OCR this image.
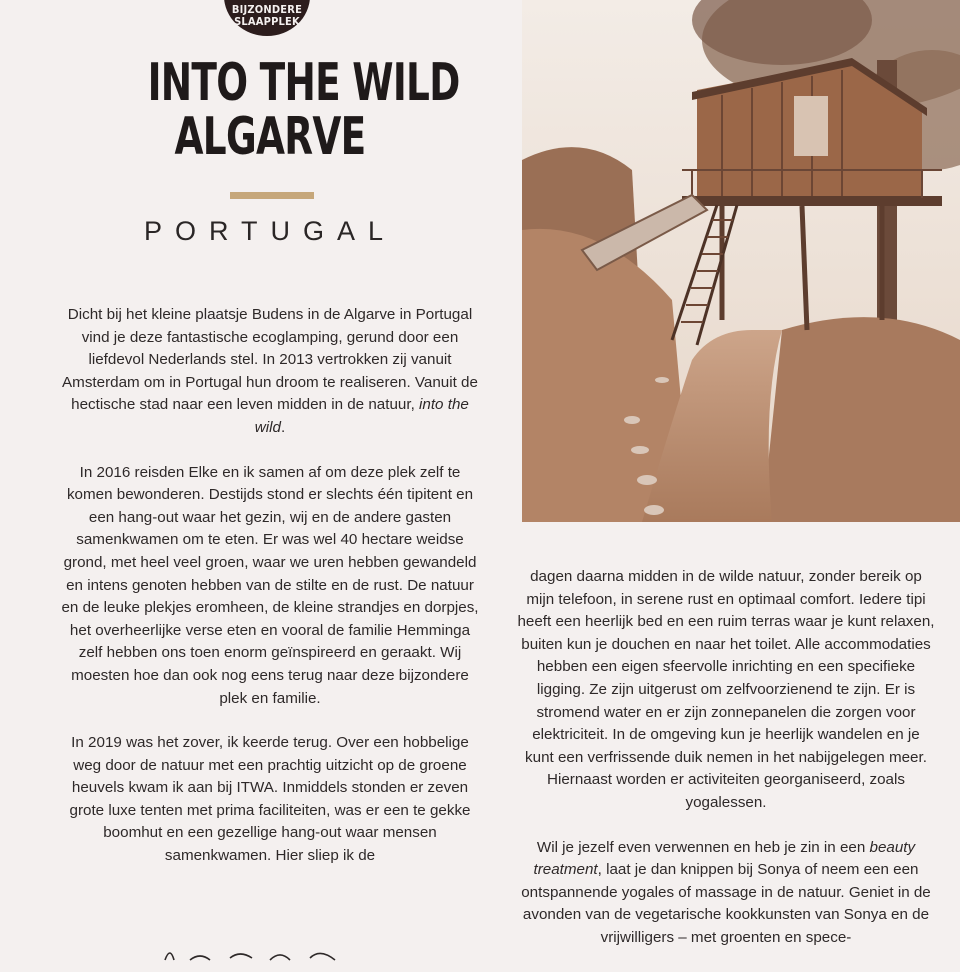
BIJZONDERE
SLAAPPLEK
INTO THE WILD
ALGARVE
PORTUGAL

Dicht bij het kleine plaatsje Budens in de Algarve in Portugal vind je deze fantastische ecoglamping, gerund door een liefdevol Nederlands stel. In 2013 vertrokken zij vanuit Amsterdam om in Portugal hun droom te realiseren. Vanuit de hectische stad naar een leven midden in de natuur, into the wild.

In 2016 reisden Elke en ik samen af om deze plek zelf te komen bewonderen. Destijds stond er slechts één tipitent en een hang-out waar het gezin, wij en de andere gasten samenkwamen om te eten. Er was wel 40 hectare weidse grond, met heel veel groen, waar we uren hebben gewandeld en intens genoten hebben van de stilte en de rust. De natuur en de leuke plekjes eromheen, de kleine strandjes en dorpjes, het overheerlijke verse eten en vooral de familie Hemminga zelf hebben ons toen enorm geïnspireerd en geraakt. Wij moesten hoe dan ook nog eens terug naar deze bijzondere plek en familie.

In 2019 was het zover, ik keerde terug. Over een hobbelige weg door de natuur met een prachtig uitzicht op de groene heuvels kwam ik aan bij ITWA. Inmiddels stonden er zeven grote luxe tenten met prima faciliteiten, was er een te gekke boomhut en een gezellige hang-out waar mensen samenkwamen. Hier sliep ik de

dagen daarna midden in de wilde natuur, zonder bereik op mijn telefoon, in serene rust en optimaal comfort. Iedere tipi heeft een heerlijk bed en een ruim terras waar je kunt relaxen, buiten kun je douchen en naar het toilet. Alle accommodaties hebben een eigen sfeervolle inrichting en een specifieke ligging. Ze zijn uitgerust om zelfvoorzienend te zijn. Er is stromend water en er zijn zonnepanelen die zorgen voor elektriciteit. In de omgeving kun je heerlijk wandelen en je kunt een verfrissende duik nemen in het nabijgelegen meer. Hiernaast worden er activiteiten georganiseerd, zoals yogalessen.

Wil je jezelf even verwennen en heb je zin in een beauty treatment, laat je dan knippen bij Sonya of neem een een ontspannende yogales of massage in de natuur. Geniet in de avonden van de vegetarische kookkunsten van Sonya en de vrijwilligers – met groenten en spece-
